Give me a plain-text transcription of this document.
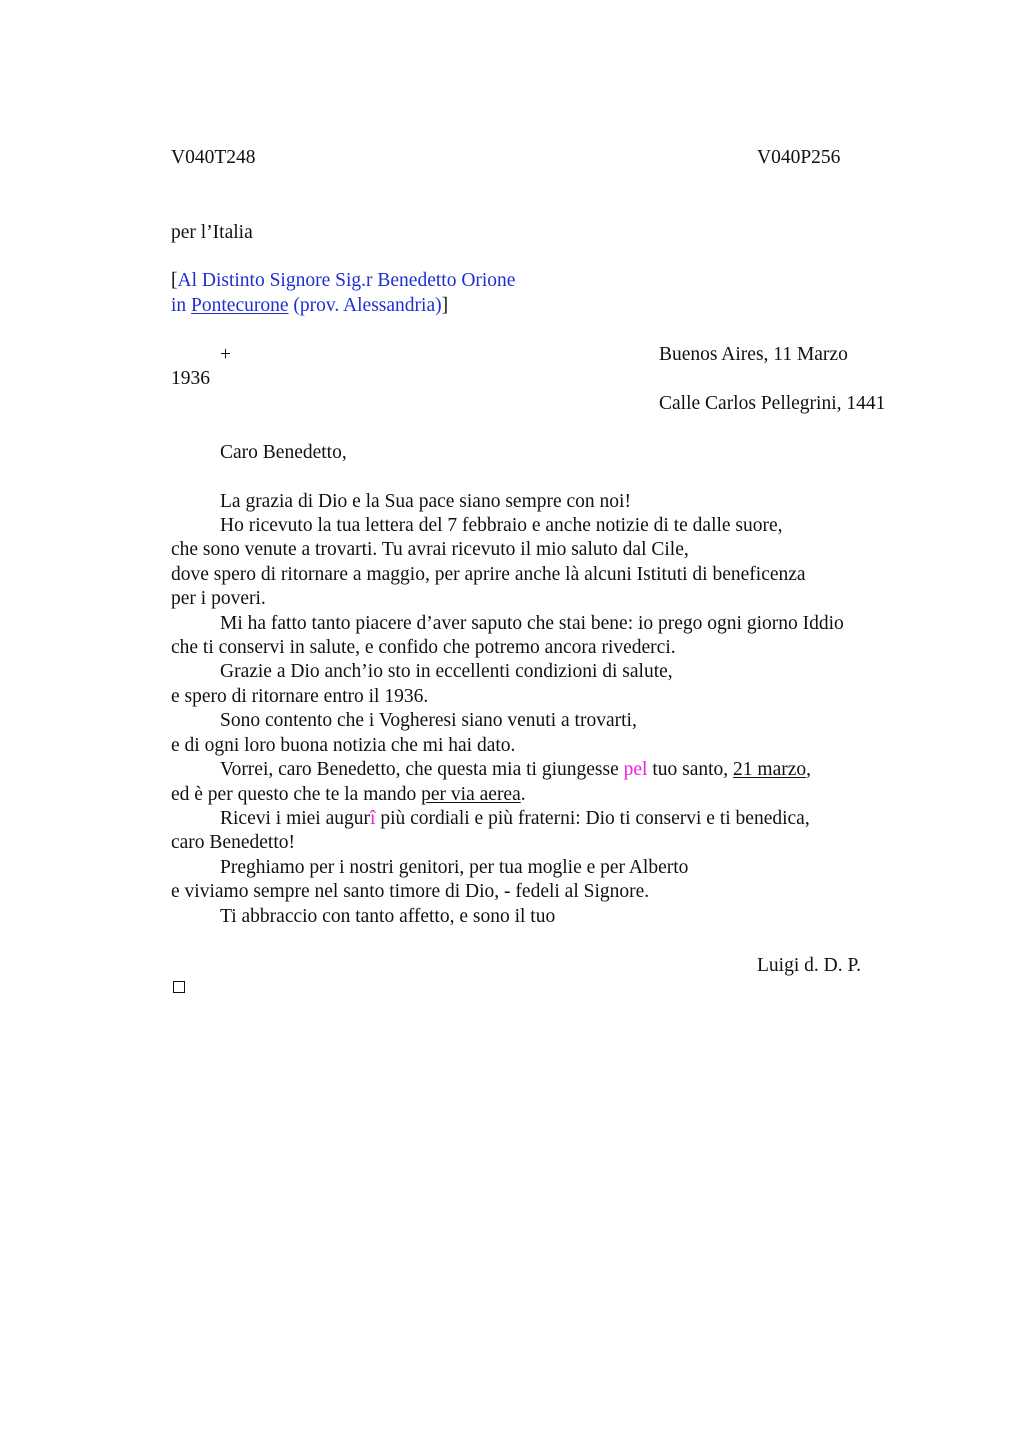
V040T248	V040P256
per l’Italia
[Al Distinto Signore Sig.r Benedetto Orione
in Pontecurone (prov. Alessandria)]
+	Buenos Aires, 11 Marzo
1936
Calle Carlos Pellegrini, 1441
Caro Benedetto,
La grazia di Dio e la Sua pace siano sempre con noi!
Ho ricevuto la tua lettera del 7 febbraio e anche notizie di te dalle suore,
che sono venute a trovarti. Tu avrai ricevuto il mio saluto dal Cile,
dove spero di ritornare a maggio, per aprire anche là alcuni Istituti di beneficenza
per i poveri.
Mi ha fatto tanto piacere d’aver saputo che stai bene: io prego ogni giorno Iddio
che ti conservi in salute, e confido che potremo ancora rivederci.
Grazie a Dio anch’io sto in eccellenti condizioni di salute,
e spero di ritornare entro il 1936.
Sono contento che i Vogheresi siano venuti a trovarti,
e di ogni loro buona notizia che mi hai dato.
Vorrei, caro Benedetto, che questa mia ti giungesse pel tuo santo, 21 marzo,
ed è per questo che te la mando per via aerea.
Ricevi i miei augurî più cordiali e più fraterni: Dio ti conservi e ti benedica,
caro Benedetto!
Preghiamo per i nostri genitori, per tua moglie e per Alberto
e viviamo sempre nel santo timore di Dio, - fedeli al Signore.
Ti abbraccio con tanto affetto, e sono il tuo
Luigi d. D. P.
